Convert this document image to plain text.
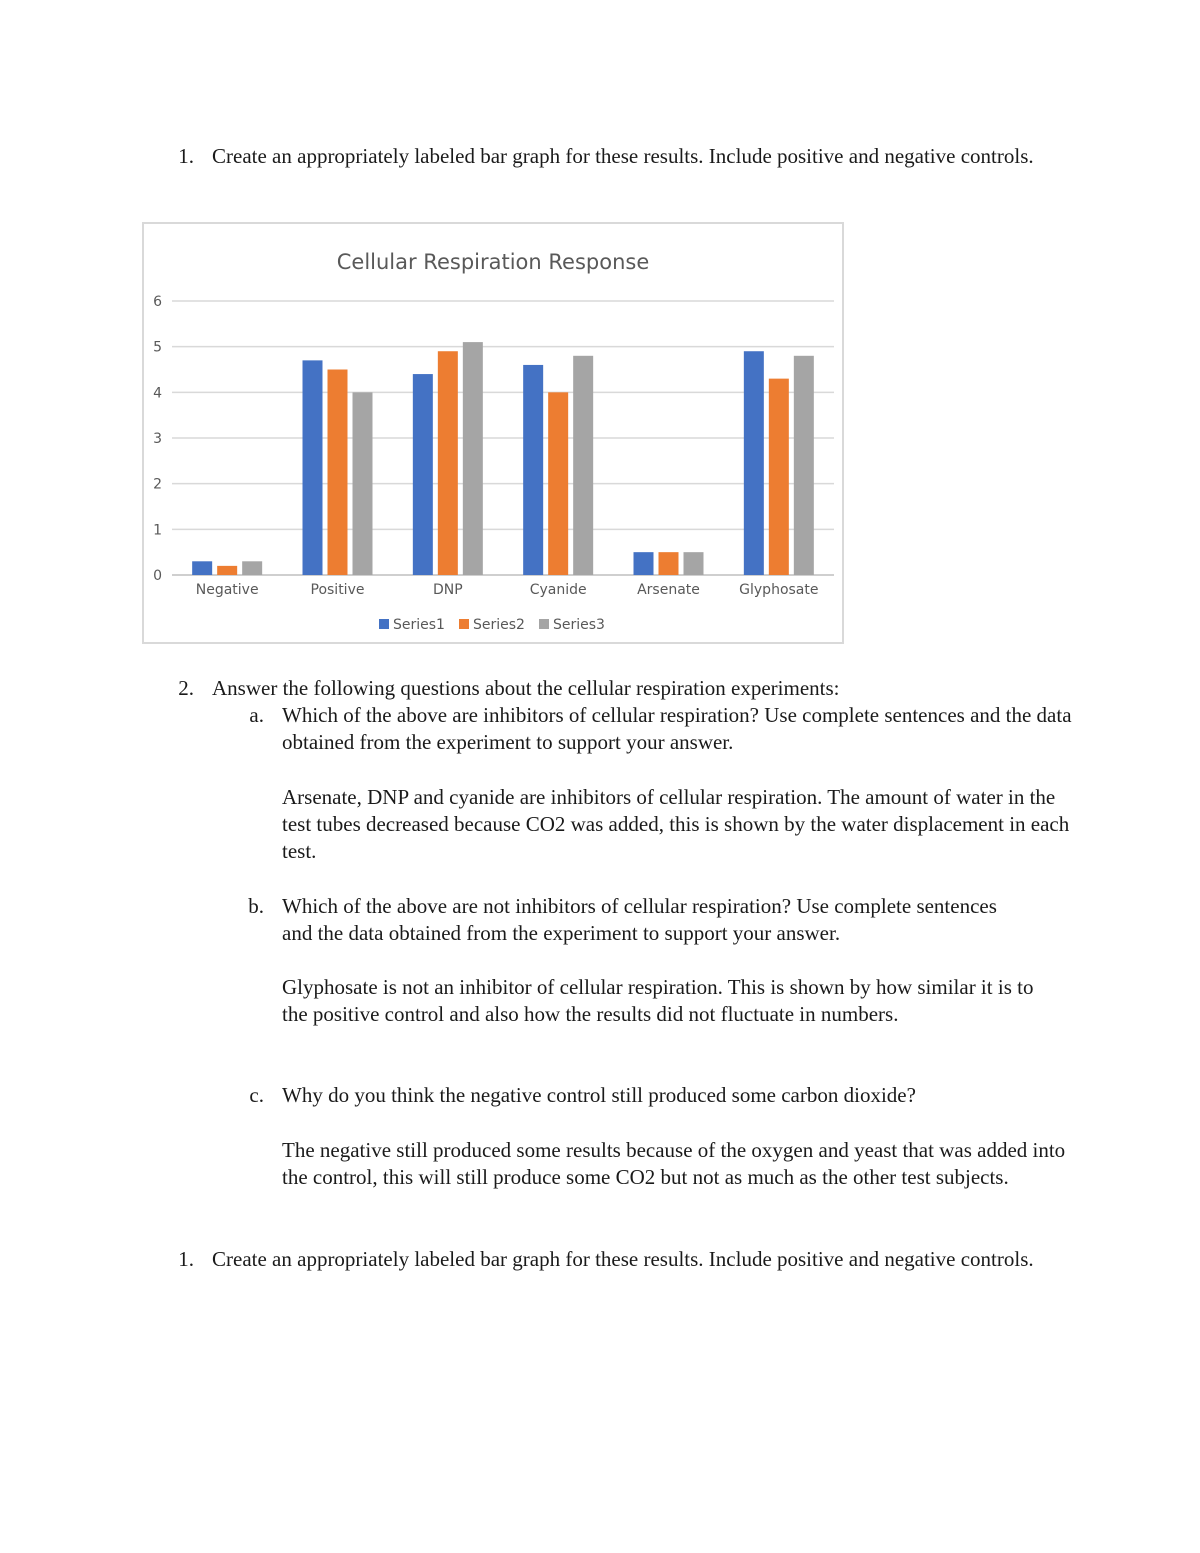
1. Create an appropriately labeled bar graph for these results. Include positive and negative controls.
Cellular Respiration Response
0
1
2
3
4
5
6
Negative	Positive	DNP	Cyanide	Arsenate	Glyphosate
Series1 Series2 Series3
2. Answer the following questions about the cellular respiration experiments:
a. Which of the above are inhibitors of cellular respiration? Use complete sentences and the data obtained from the experiment to support your answer.
Arsenate, DNP and cyanide are inhibitors of cellular respiration. The amount of water in the test tubes decreased because CO2 was added, this is shown by the water displacement in each test.
b. Which of the above are not inhibitors of cellular respiration? Use complete sentences and the data obtained from the experiment to support your answer.
Glyphosate is not an inhibitor of cellular respiration. This is shown by how similar it is to the positive control and also how the results did not fluctuate in numbers.
c. Why do you think the negative control still produced some carbon dioxide?
The negative still produced some results because of the oxygen and yeast that was added into the control, this will still produce some CO2 but not as much as the other test subjects.
1. Create an appropriately labeled bar graph for these results. Include positive and negative controls.
